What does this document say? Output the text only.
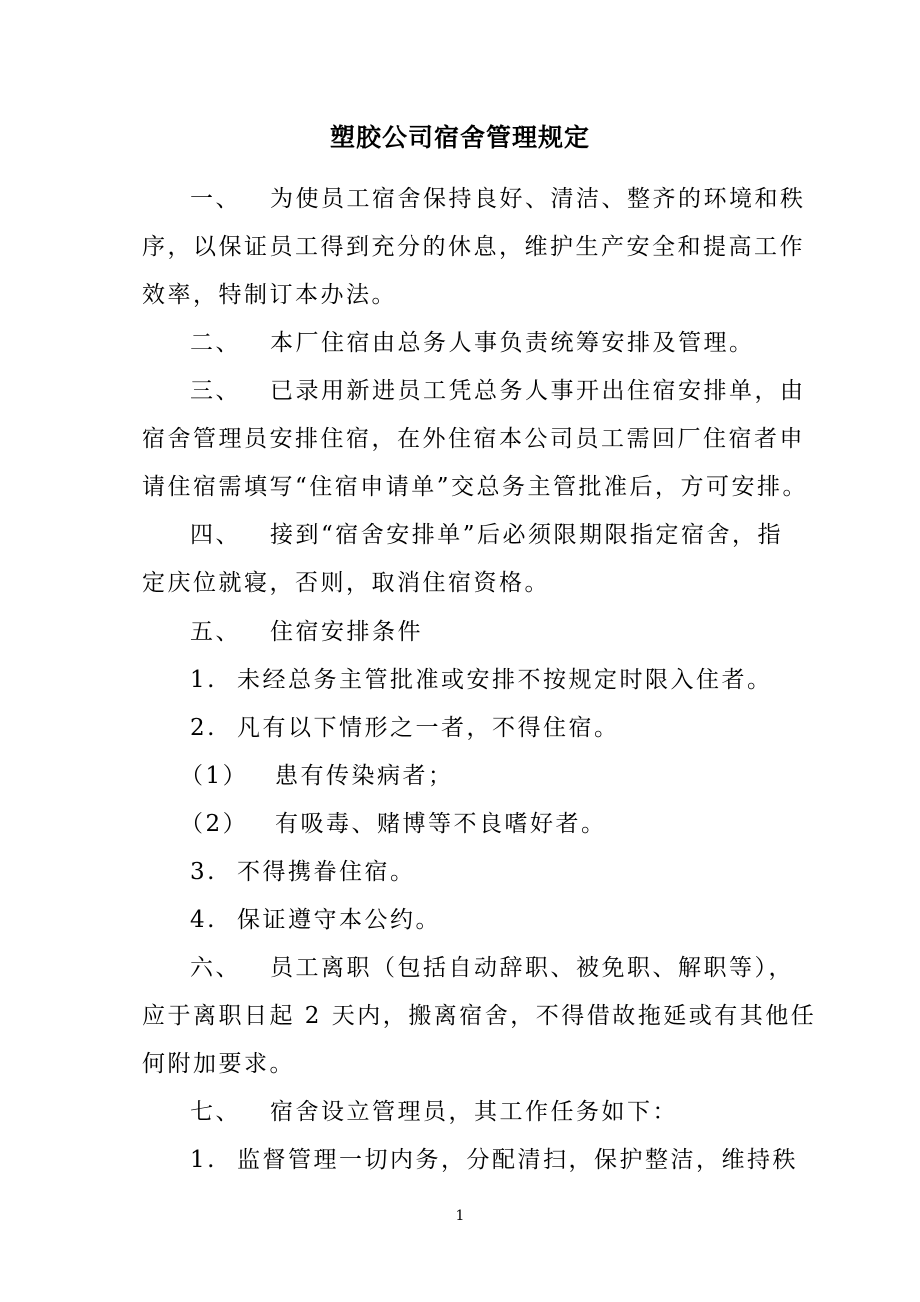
塑胶公司宿舍管理规定
一、 为使员工宿舍保持良好、清洁、整齐的环境和秩
序，以保证员工得到充分的休息，维护生产安全和提高工作
效率，特制订本办法。
二、 本厂住宿由总务人事负责统筹安排及管理。
三、 已录用新进员工凭总务人事开出住宿安排单，由
宿舍管理员安排住宿，在外住宿本公司员工需回厂住宿者申
请住宿需填写“住宿申请单”交总务主管批准后，方可安排。
四、 接到“宿舍安排单”后必须限期限指定宿舍，指
定庆位就寝，否则，取消住宿资格。
五、 住宿安排条件
1. 未经总务主管批准或安排不按规定时限入住者。
2. 凡有以下情形之一者，不得住宿。
（1） 患有传染病者；
（2） 有吸毒、赌博等不良嗜好者。
3. 不得携眷住宿。
4. 保证遵守本公约。
六、 员工离职（包括自动辞职、被免职、解职等），
应于离职日起 2 天内，搬离宿舍，不得借故拖延或有其他任
何附加要求。
七、 宿舍设立管理员，其工作任务如下：
1. 监督管理一切内务，分配清扫，保护整洁，维持秩
1
